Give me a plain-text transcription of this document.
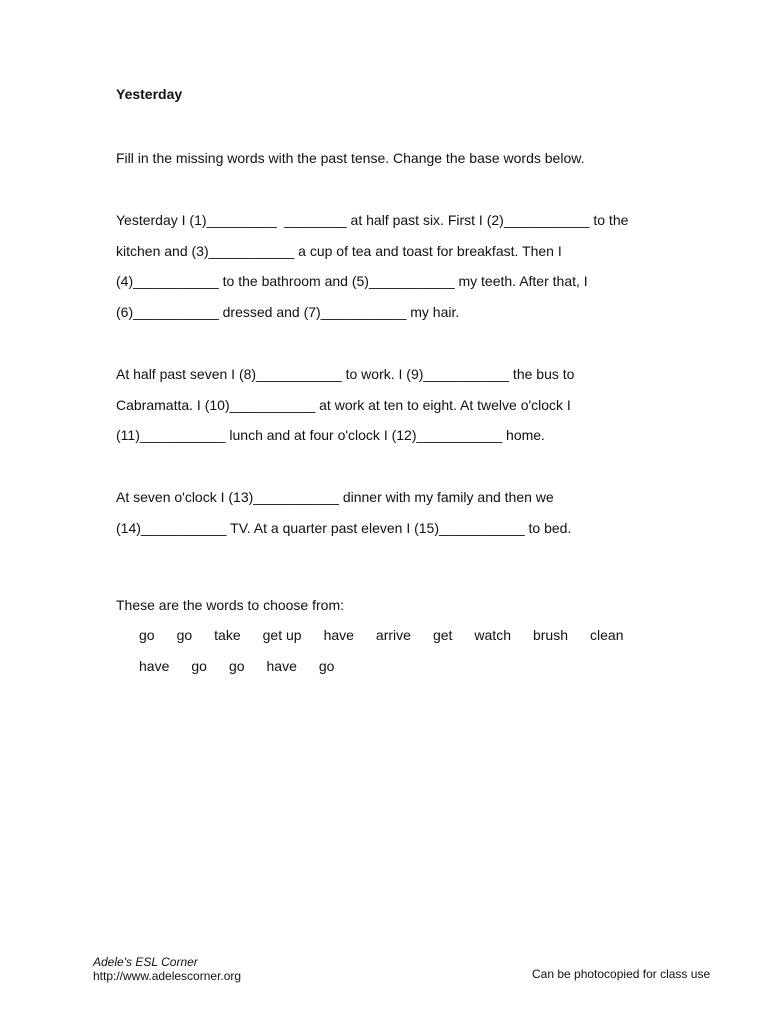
Yesterday
Fill in the missing words with the past tense. Change the base words below.
Yesterday I (1)_________  ________ at half past six. First I (2)___________ to the
kitchen and (3)___________ a cup of tea and toast for breakfast. Then I
(4)___________ to the bathroom and (5)___________ my teeth. After that, I
(6)___________ dressed and (7)___________ my hair.
At half past seven I (8)___________ to work. I (9)___________ the bus to
Cabramatta. I (10)___________ at work at ten to eight. At twelve o'clock I
(11)___________ lunch and at four o'clock I (12)___________ home.
At seven o'clock I (13)___________ dinner with my family and then we
(14)___________ TV. At a quarter past eleven I (15)___________ to bed.
These are the words to choose from:
go go take get up have arrive get watch brush clean
have go go have go
Adele's ESL Corner
http://www.adelescorner.org	Can be photocopied for class use
